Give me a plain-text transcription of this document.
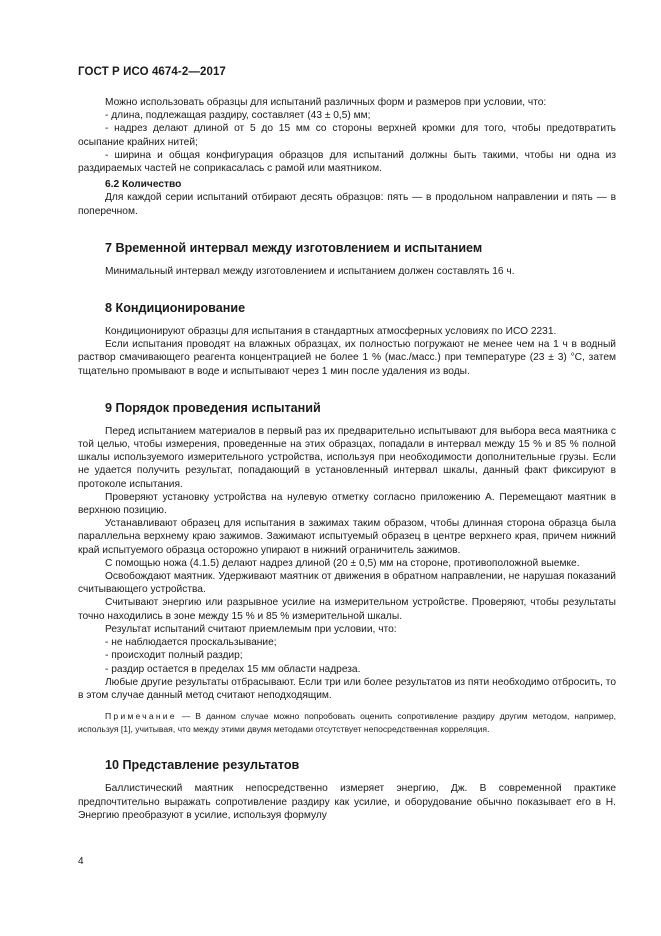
ГОСТ Р ИСО 4674-2—2017

Можно использовать образцы для испытаний различных форм и размеров при условии, что:

- длина, подлежащая раздиру, составляет (43 ± 0,5) мм;

- надрез делают длиной от 5 до 15 мм со стороны верхней кромки для того, чтобы предотвратить осыпание крайних нитей;

- ширина и общая конфигурация образцов для испытаний должны быть такими, чтобы ни одна из раздираемых частей не соприкасалась с рамой или маятником.

6.2 Количество

Для каждой серии испытаний отбирают десять образцов: пять — в продольном направлении и пять — в поперечном.

7 Временной интервал между изготовлением и испытанием

Минимальный интервал между изготовлением и испытанием должен составлять 16 ч.

8 Кондиционирование

Кондиционируют образцы для испытания в стандартных атмосферных условиях по ИСО 2231.

Если испытания проводят на влажных образцах, их полностью погружают не менее чем на 1 ч в водный раствор смачивающего реагента концентрацией не более 1 % (мас./масс.) при температуре (23 ± 3) °С, затем тщательно промывают в воде и испытывают через 1 мин после удаления из воды.

9 Порядок проведения испытаний

Перед испытанием материалов в первый раз их предварительно испытывают для выбора веса маятника с той целью, чтобы измерения, проведенные на этих образцах, попадали в интервал между 15 % и 85 % полной шкалы используемого измерительного устройства, используя при необходимости дополнительные грузы. Если не удается получить результат, попадающий в установленный интервал шкалы, данный факт фиксируют в протоколе испытания.

Проверяют установку устройства на нулевую отметку согласно приложению А. Перемещают маятник в верхнюю позицию.

Устанавливают образец для испытания в зажимах таким образом, чтобы длинная сторона образца была параллельна верхнему краю зажимов. Зажимают испытуемый образец в центре верхнего края, причем нижний край испытуемого образца осторожно упирают в нижний ограничитель зажимов.

С помощью ножа (4.1.5) делают надрез длиной (20 ± 0,5) мм на стороне, противоположной выемке.

Освобождают маятник. Удерживают маятник от движения в обратном направлении, не нарушая показаний считывающего устройства.

Считывают энергию или разрывное усилие на измерительном устройстве. Проверяют, чтобы результаты точно находились в зоне между 15 % и 85 % измерительной шкалы.

Результат испытаний считают приемлемым при условии, что:

- не наблюдается проскальзывание;

- происходит полный раздир;

- раздир остается в пределах 15 мм области надреза.

Любые другие результаты отбрасывают. Если три или более результатов из пяти необходимо отбросить, то в этом случае данный метод считают неподходящим.

Примечание — В данном случае можно попробовать оценить сопротивление раздиру другим методом, например, используя [1], учитывая, что между этими двумя методами отсутствует непосредственная корреляция.

10 Представление результатов

Баллистический маятник непосредственно измеряет энергию, Дж. В современной практике предпочтительно выражать сопротивление раздиру как усилие, и оборудование обычно показывает его в Н. Энергию преобразуют в усилие, используя формулу

4
